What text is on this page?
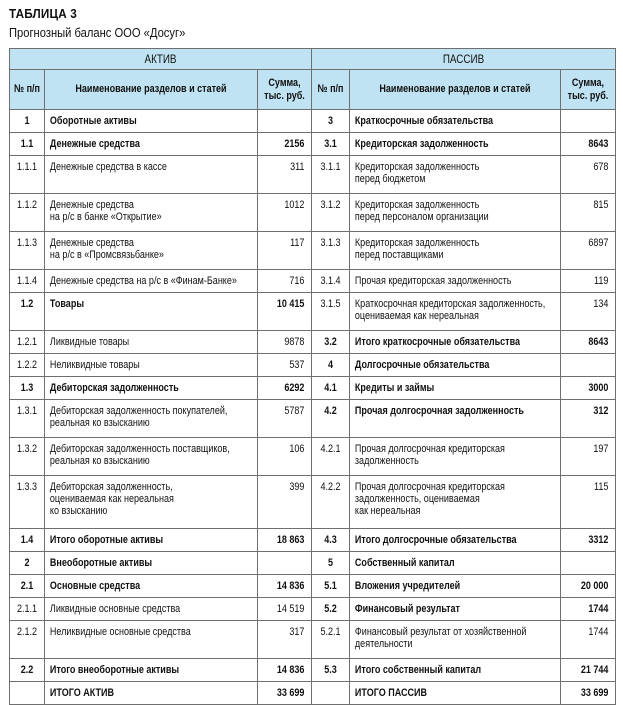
ТАБЛИЦА 3
Прогнозный баланс ООО «Досуг»
АКТИВ			ПАССИВ		

№ п/п	Наименование разделов и статей	Сумма, тыс. руб.	№ п/п	Наименование разделов и статей	Сумма, тыс. руб.

1	Оборотные активы		3	Краткосрочные обязательства	

1.1	Денежные средства	2156	3.1	Кредиторская задолженность	8643

1.1.1	Денежные средства в кассе	311	3.1.1	Кредиторская задолженность
перед бюджетом	678

1.1.2	Денежные средства
на р/с в банке «Открытие»	1012	3.1.2	Кредиторская задолженность
перед персоналом организации	815

1.1.3	Денежные средства
на р/с в «Промсвязьбанке»	117	3.1.3	Кредиторская задолженность
перед поставщиками	6897

1.1.4	Денежные средства на р/с в «Финам-Банке»	716	3.1.4	Прочая кредиторская задолженность	119

1.2	Товары	10 415	3.1.5	Краткосрочная кредиторская задолженность,
оцениваемая как нереальная	134

1.2.1	Ликвидные товары	9878	3.2	Итого краткосрочные обязательства	8643

1.2.2	Неликвидные товары	537	4	Долгосрочные обязательства	

1.3	Дебиторская задолженность	6292	4.1	Кредиты и займы	3000

1.3.1	Дебиторская задолженность покупателей,
реальная ко взысканию	5787	4.2	Прочая долгосрочная задолженность	312

1.3.2	Дебиторская задолженность поставщиков,
реальная ко взысканию	106	4.2.1	Прочая долгосрочная кредиторская
задолженность	197

1.3.3	Дебиторская задолженность,
оцениваемая как нереальная
ко взысканию	399	4.2.2	Прочая долгосрочная кредиторская
задолженность, оцениваемая
как нереальная	115

1.4	Итого оборотные активы	18 863	4.3	Итого долгосрочные обязательства	3312

2	Внеоборотные активы		5	Собственный капитал	

2.1	Основные средства	14 836	5.1	Вложения учредителей	20 000

2.1.1	Ликвидные основные средства	14 519	5.2	Финансовый результат	1744

2.1.2	Неликвидные основные средства	317	5.2.1	Финансовый результат от хозяйственной
деятельности	1744

2.2	Итого внеоборотные активы	14 836	5.3	Итого собственный капитал	21 744

	ИТОГО АКТИВ	33 699		ИТОГО ПАССИВ	33 699
